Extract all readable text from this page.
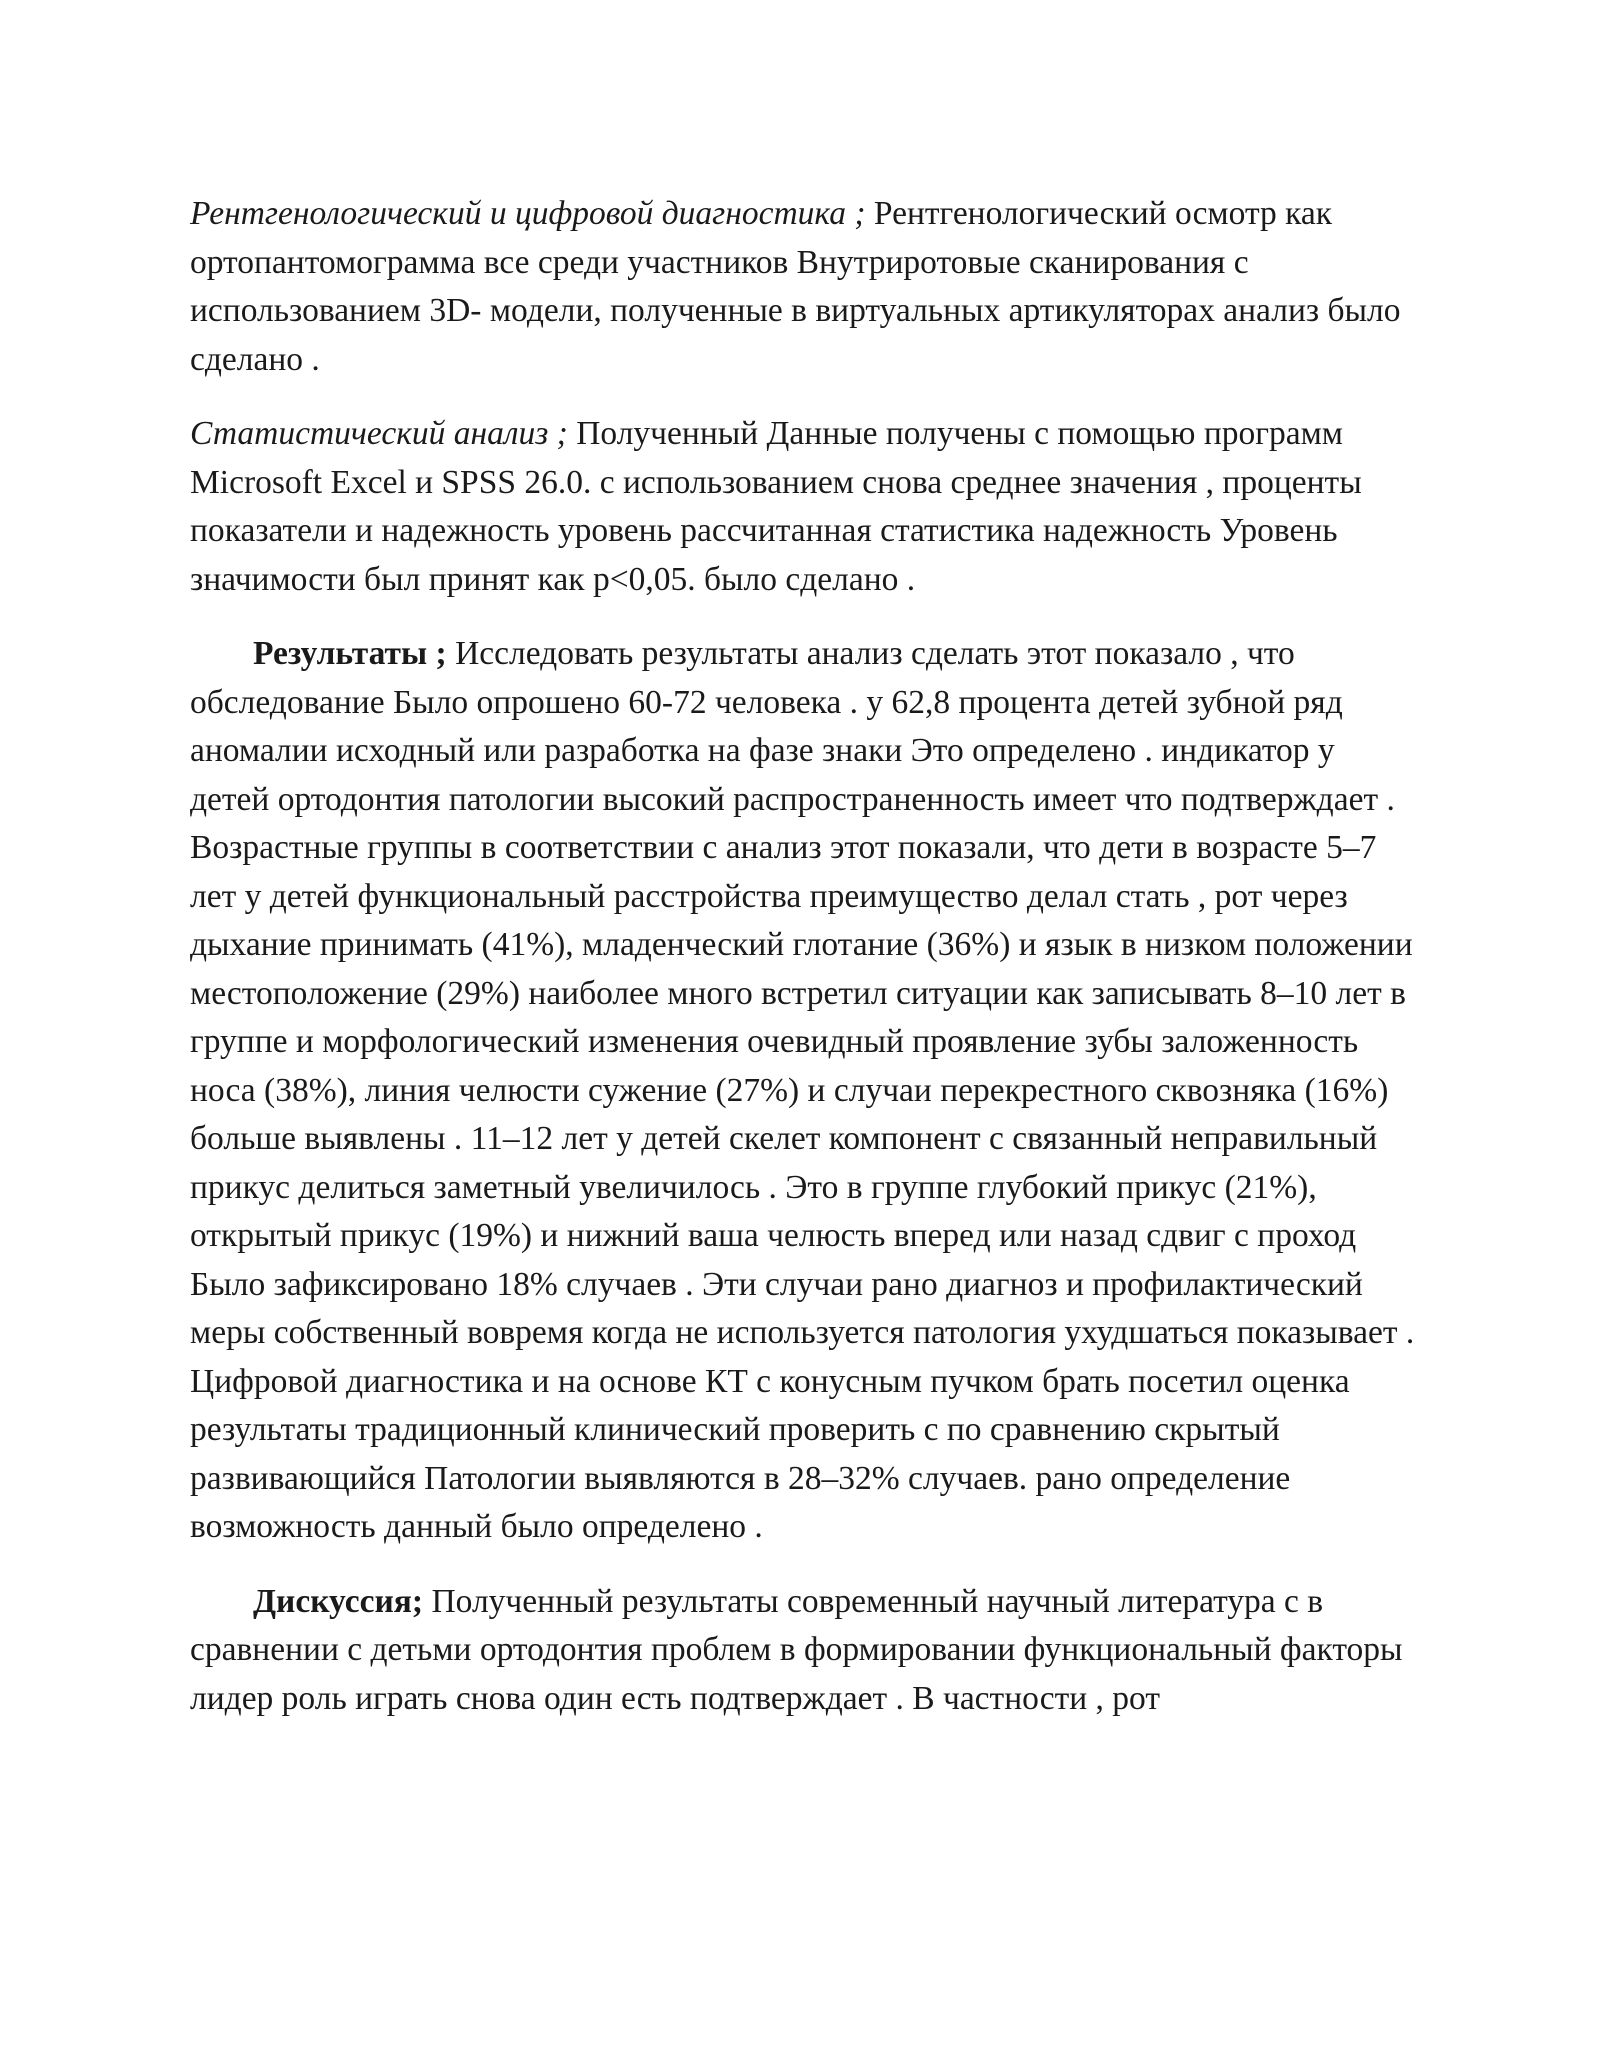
Рентгенологический и цифровой диагностика ; Рентгенологический осмотр как ортопантомограмма все среди участников Внутриротовые сканирования с использованием 3D- модели, полученные в виртуальных артикуляторах анализ было сделано .

Статистический анализ ; Полученный Данные получены с помощью программ Microsoft Excel и SPSS 26.0. с использованием снова среднее значения , проценты показатели и надежность уровень рассчитанная статистика надежность Уровень значимости был принят как p<0,05. было сделано .

Результаты ; Исследовать результаты анализ сделать этот показало , что обследование Было опрошено 60-72 человека . у 62,8 процента детей зубной ряд аномалии исходный или разработка на фазе знаки Это определено . индикатор у детей ортодонтия патологии высокий распространенность имеет что подтверждает . Возрастные группы в соответствии с анализ этот показали, что дети в возрасте 5–7 лет у детей функциональный расстройства преимущество делал стать , рот через дыхание принимать (41%), младенческий глотание (36%) и язык в низком положении местоположение (29%) наиболее много встретил ситуации как записывать 8–10 лет в группе и морфологический изменения очевидный проявление зубы заложенность носа (38%), линия челюсти сужение (27%) и случаи перекрестного сквозняка (16%) больше выявлены . 11–12 лет у детей скелет компонент с связанный неправильный прикус делиться заметный увеличилось . Это в группе глубокий прикус (21%), открытый прикус (19%) и нижний ваша челюсть вперед или назад сдвиг с проход Было зафиксировано 18% случаев . Эти случаи рано диагноз и профилактический меры собственный вовремя когда не используется патология ухудшаться показывает . Цифровой диагностика и на основе КТ с конусным пучком брать посетил оценка результаты традиционный клинический проверить с по сравнению скрытый развивающийся Патологии выявляются в 28–32% случаев. рано определение возможность данный было определено .

Дискуссия; Полученный результаты современный научный литература с в сравнении с детьми ортодонтия проблем в формировании функциональный факторы лидер роль играть снова один есть подтверждает . В частности , рот
